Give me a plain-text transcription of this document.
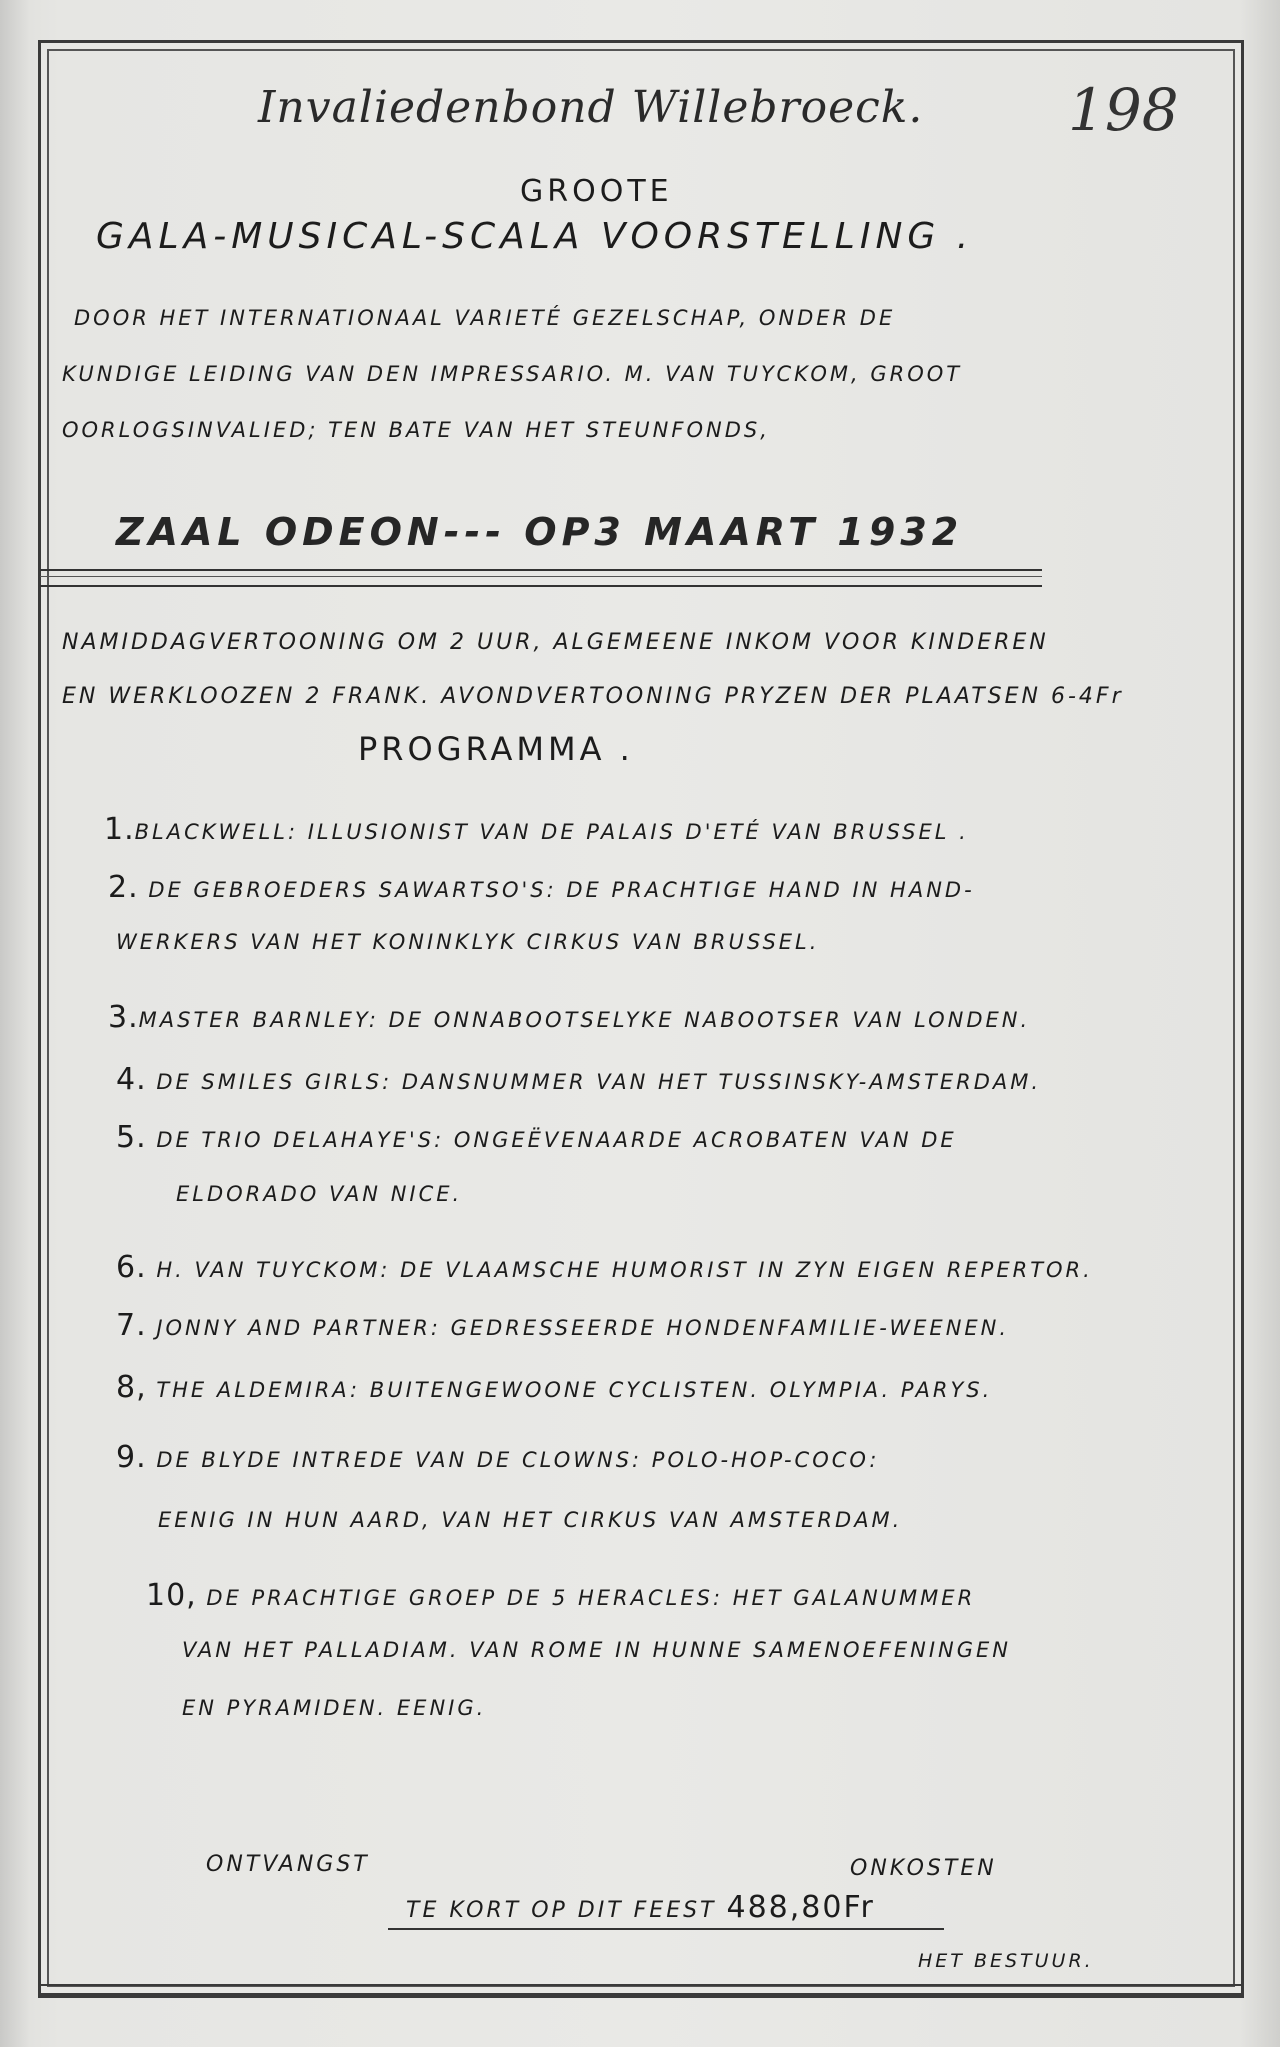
Invaliedenbond Willebroeck. 198
GROOTE
GALA-MUSICAL-SCALA VOORSTELLING .
DOOR HET INTERNATIONAAL VARIETÉ GEZELSCHAP, ONDER DE
KUNDIGE LEIDING VAN DEN IMPRESSARIO. M. VAN TUYCKOM, GROOT
OORLOGSINVALIED; TEN BATE VAN HET STEUNFONDS,
ZAAL ODEON--- OP3 MAART 1932
NAMIDDAGVERTOONING OM 2 UUR, ALGEMEENE INKOM VOOR KINDEREN
EN WERKLOOZEN 2 FRANK. AVONDVERTOONING PRYZEN DER PLAATSEN 6-4Fr
PROGRAMMA .
1.BLACKWELL: ILLUSIONIST VAN DE PALAIS D'ETÉ VAN BRUSSEL .
2. DE GEBROEDERS SAWARTSO'S: DE PRACHTIGE HAND IN HAND-
WERKERS VAN HET KONINKLYK CIRKUS VAN BRUSSEL.
3.MASTER BARNLEY: DE ONNABOOTSELYKE NABOOTSER VAN LONDEN.
4. DE SMILES GIRLS: DANSNUMMER VAN HET TUSSINSKY-AMSTERDAM.
5. DE TRIO DELAHAYE'S: ONGEËVENAARDE ACROBATEN VAN DE
ELDORADO VAN NICE.
6. H. VAN TUYCKOM: DE VLAAMSCHE HUMORIST IN ZYN EIGEN REPERTOR.
7. JONNY AND PARTNER: GEDRESSEERDE HONDENFAMILIE-WEENEN.
8, THE ALDEMIRA: BUITENGEWOONE CYCLISTEN. OLYMPIA. PARYS.
9. DE BLYDE INTREDE VAN DE CLOWNS: POLO-HOP-COCO:
EENIG IN HUN AARD, VAN HET CIRKUS VAN AMSTERDAM.
10, DE PRACHTIGE GROEP DE 5 HERACLES: HET GALANUMMER
VAN HET PALLADIAM. VAN ROME IN HUNNE SAMENOEFENINGEN
EN PYRAMIDEN. EENIG.
ONTVANGST	ONKOSTEN
TE KORT OP DIT FEEST 488,80Fr
HET BESTUUR.
